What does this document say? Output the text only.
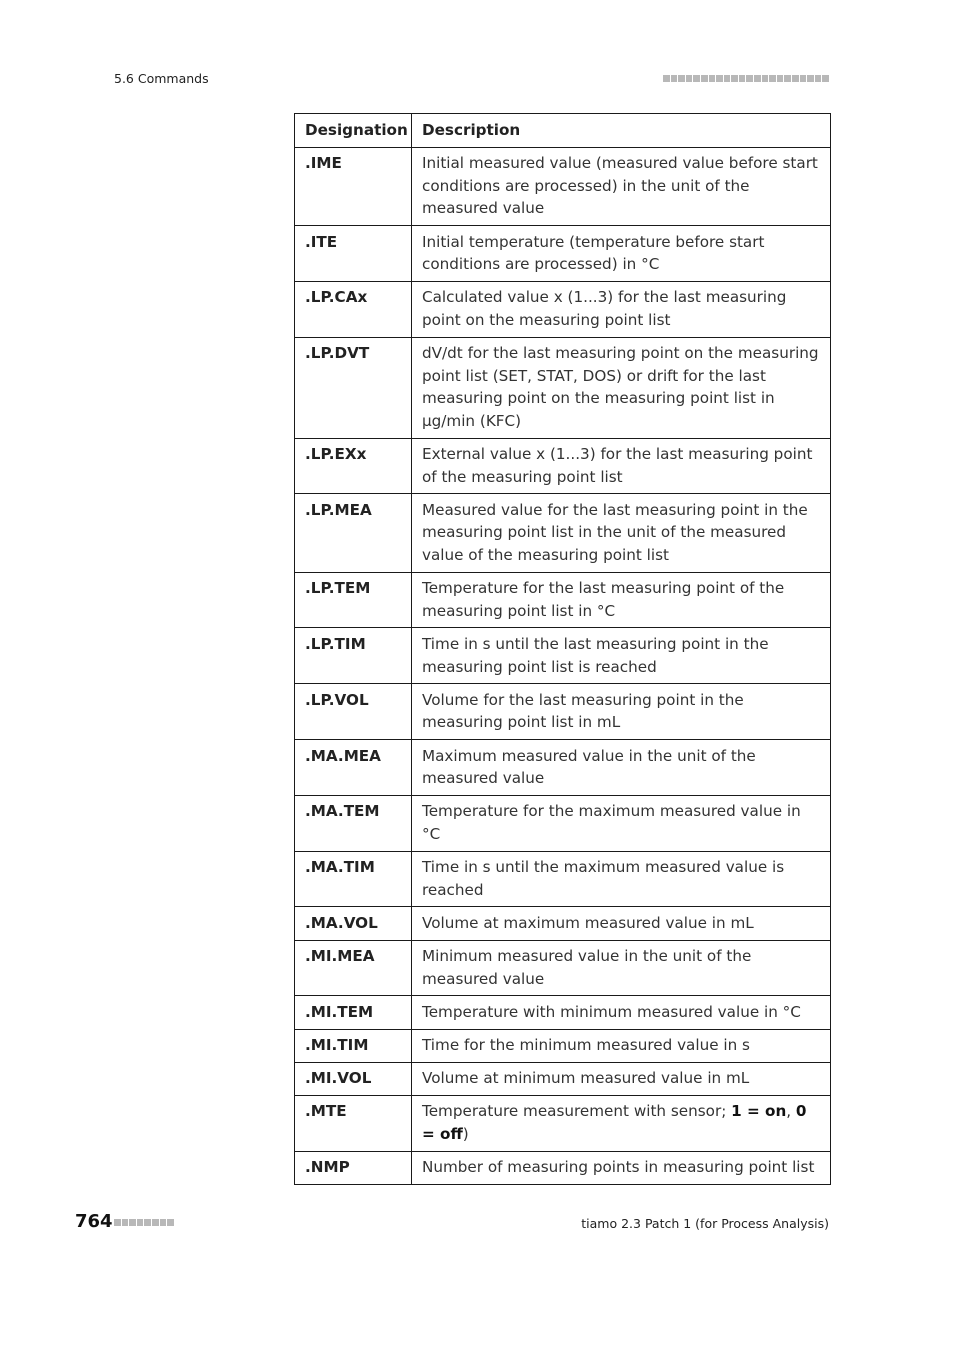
5.6 Commands
Designation	Description
.IME	Initial measured value (measured value before start conditions are processed) in the unit of the measured value
.ITE	Initial temperature (temperature before start conditions are processed) in °C
.LP.CAx	Calculated value x (1...3) for the last measuring point on the measuring point list
.LP.DVT	dV/dt for the last measuring point on the measuring point list (SET, STAT, DOS) or drift for the last measuring point on the measuring point list in µg/min (KFC)
.LP.EXx	External value x (1...3) for the last measuring point of the measuring point list
.LP.MEA	Measured value for the last measuring point in the measuring point list in the unit of the measured value of the measuring point list
.LP.TEM	Temperature for the last measuring point of the measuring point list in °C
.LP.TIM	Time in s until the last measuring point in the measuring point list is reached
.LP.VOL	Volume for the last measuring point in the measuring point list in mL
.MA.MEA	Maximum measured value in the unit of the measured value
.MA.TEM	Temperature for the maximum measured value in °C
.MA.TIM	Time in s until the maximum measured value is reached
.MA.VOL	Volume at maximum measured value in mL
.MI.MEA	Minimum measured value in the unit of the measured value
.MI.TEM	Temperature with minimum measured value in °C
.MI.TIM	Time for the minimum measured value in s
.MI.VOL	Volume at minimum measured value in mL
.MTE	Temperature measurement with sensor; 1 = on, 0 = off)
.NMP	Number of measuring points in measuring point list
764	tiamo 2.3 Patch 1 (for Process Analysis)
